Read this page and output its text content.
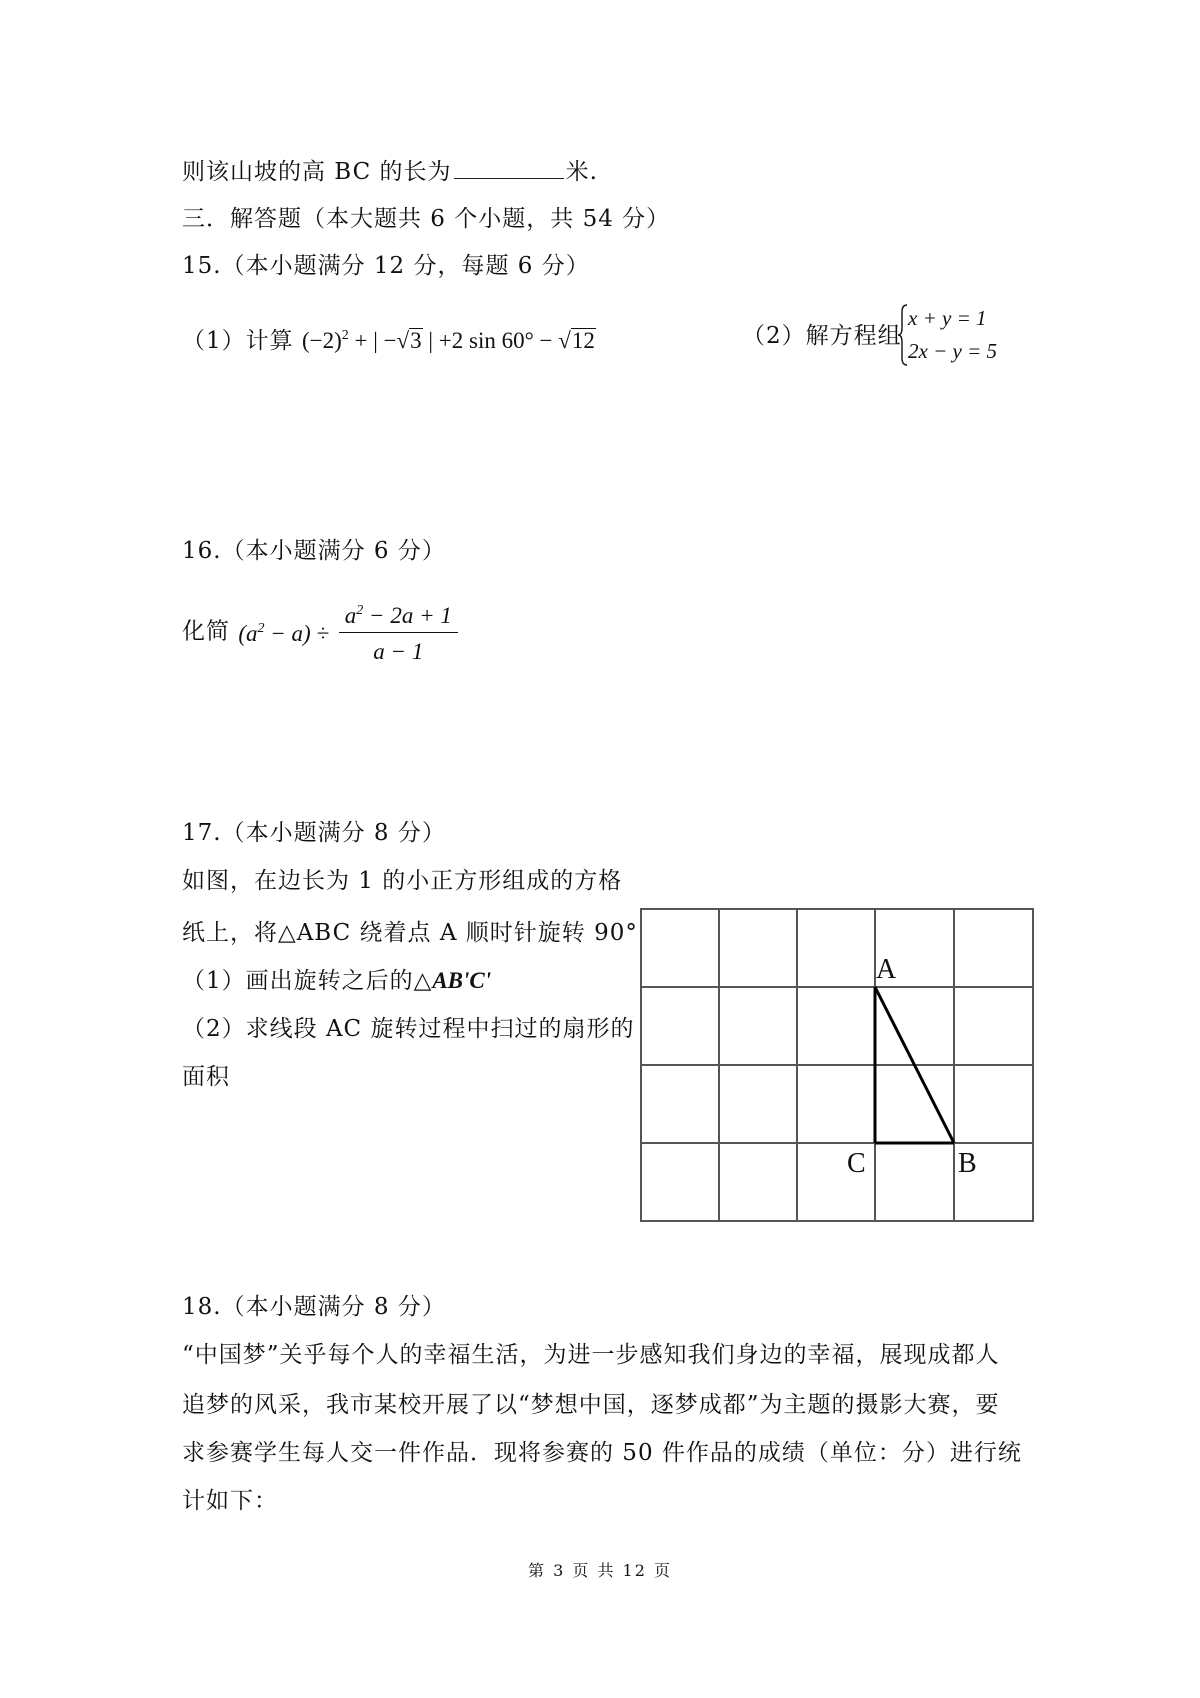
则该山坡的高 BC 的长为	米.
三．解答题（本大题共 6 个小题，共 54 分）
15.（本小题满分 12 分，每题 6 分）
（1）计算 $(-2)^2$ + | −√3 | +2 sin 60° − √12	（2）解方程组
x + y = 1
2x − y = 5
16.（本小题满分 6 分）
化简 $(a^2 - a) \div \frac{a^2 - 2a + 1}{a - 1}$
17.（本小题满分 8 分）
如图，在边长为 1 的小正方形组成的方格
纸上，将△ABC 绕着点 A 顺时针旋转 90°
（1）画出旋转之后的△AB'C'
（2）求线段 AC 旋转过程中扫过的扇形的
面积
A
C	B
18.（本小题满分 8 分）
“中国梦”关乎每个人的幸福生活，为进一步感知我们身边的幸福，展现成都人
追梦的风采，我市某校开展了以“梦想中国，逐梦成都”为主题的摄影大赛，要
求参赛学生每人交一件作品．现将参赛的 50 件作品的成绩（单位：分）进行统
计如下：
第 3 页 共 12 页
